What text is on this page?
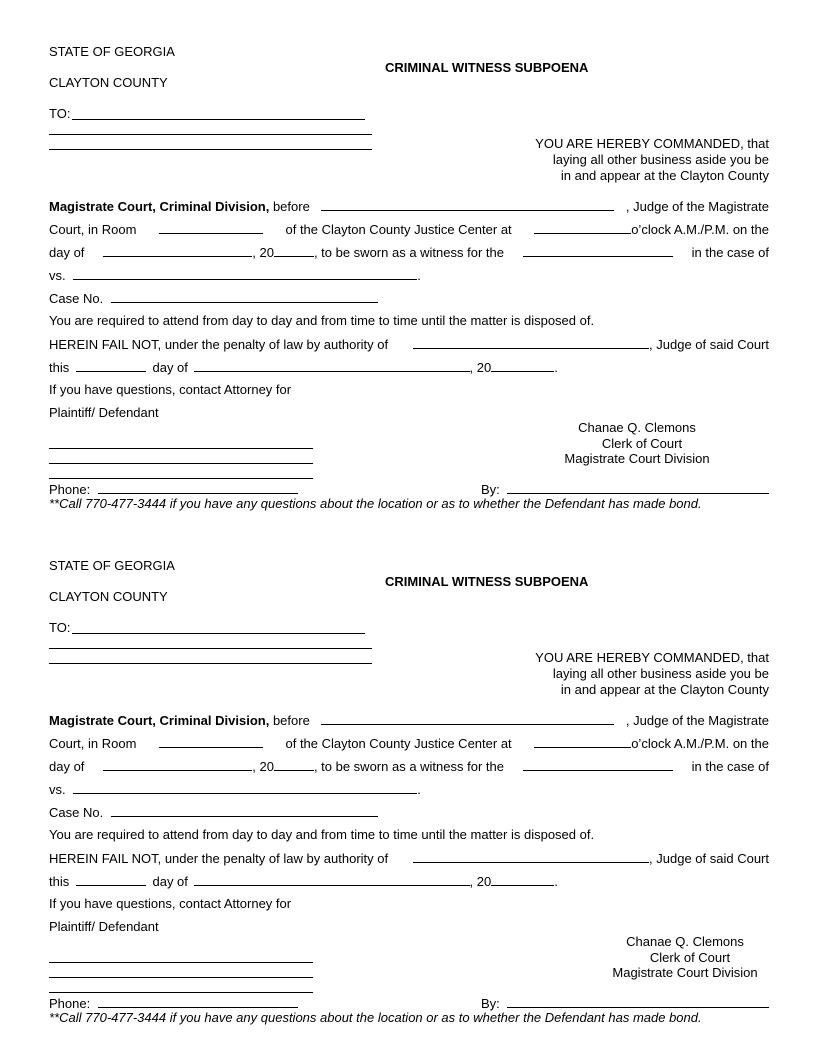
STATE OF GEORGIA
CRIMINAL WITNESS SUBPOENA
CLAYTON COUNTY
TO:
YOU ARE HEREBY COMMANDED, that
laying all other business aside you be
in and appear at the Clayton County
Magistrate Court, Criminal Division, before	, Judge of the Magistrate
Court, in Room	of the Clayton County Justice Center at	o’clock A.M./P.M. on the
day of	, 20	, to be sworn as a witness for the	in the case of
vs.	.
Case No.
You are required to attend from day to day and from time to time until the matter is disposed of.
HEREIN FAIL NOT, under the penalty of law by authority of	, Judge of said Court
this	day of	, 20	.
If you have questions, contact Attorney for
Plaintiff/ Defendant
Chanae Q. Clemons
Clerk of Court
Magistrate Court Division
Phone:	By:
**Call 770-477-3444 if you have any questions about the location or as to whether the Defendant has made bond.
STATE OF GEORGIA
CRIMINAL WITNESS SUBPOENA
CLAYTON COUNTY
TO:
YOU ARE HEREBY COMMANDED, that
laying all other business aside you be
in and appear at the Clayton County
Magistrate Court, Criminal Division, before	, Judge of the Magistrate
Court, in Room	of the Clayton County Justice Center at	o’clock A.M./P.M. on the
day of	, 20	, to be sworn as a witness for the	in the case of
vs.	.
Case No.
You are required to attend from day to day and from time to time until the matter is disposed of.
HEREIN FAIL NOT, under the penalty of law by authority of	, Judge of said Court
this	day of	, 20	.
If you have questions, contact Attorney for
Plaintiff/ Defendant
Chanae Q. Clemons
Clerk of Court
Magistrate Court Division
Phone:	By:
**Call 770-477-3444 if you have any questions about the location or as to whether the Defendant has made bond.
